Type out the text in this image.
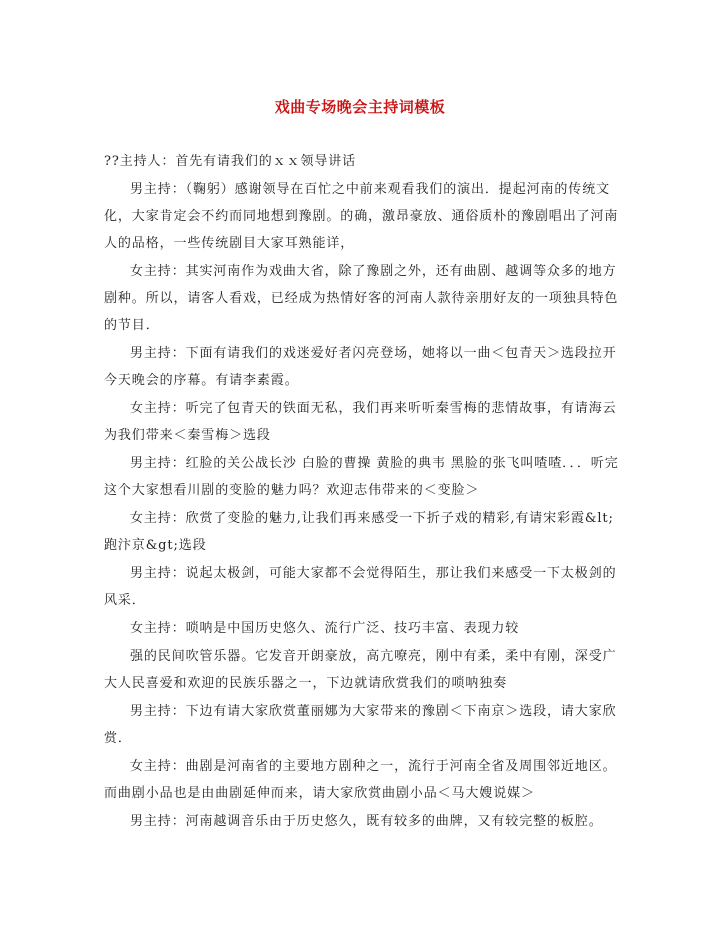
戏曲专场晚会主持词模板

??主持人：首先有请我们的ｘｘ领导讲话

男主持：（鞠躬）感谢领导在百忙之中前来观看我们的演出．提起河南的传统文化，大家肯定会不约而同地想到豫剧。的确，激昂豪放、通俗质朴的豫剧唱出了河南人的品格，一些传统剧目大家耳熟能详，

女主持：其实河南作为戏曲大省，除了豫剧之外，还有曲剧、越调等众多的地方剧种。所以，请客人看戏，已经成为热情好客的河南人款待亲朋好友的一项独具特色的节目．

男主持：下面有请我们的戏迷爱好者闪亮登场，她将以一曲＜包青天＞选段拉开今天晚会的序幕。有请李素霞。

女主持：听完了包青天的铁面无私，我们再来听听秦雪梅的悲情故事，有请海云为我们带来＜秦雪梅＞选段

男主持：红脸的关公战长沙 白脸的曹操 黄脸的典韦 黑脸的张飞叫喳喳．．．听完这个大家想看川剧的变脸的魅力吗？欢迎志伟带来的＜变脸＞

女主持：欣赏了变脸的魅力,让我们再来感受一下折子戏的精彩,有请宋彩霞&lt;跑汴京&gt;选段

男主持：说起太极剑，可能大家都不会觉得陌生，那让我们来感受一下太极剑的风采．

女主持：唢呐是中国历史悠久、流行广泛、技巧丰富、表现力较

强的民间吹管乐器。它发音开朗豪放，高亢嘹亮，刚中有柔，柔中有刚，深受广大人民喜爱和欢迎的民族乐器之一，下边就请欣赏我们的唢呐独奏

男主持：下边有请大家欣赏董丽娜为大家带来的豫剧＜下南京＞选段，请大家欣赏．

女主持：曲剧是河南省的主要地方剧种之一，流行于河南全省及周围邻近地区。而曲剧小品也是由曲剧延伸而来，请大家欣赏曲剧小品＜马大嫂说媒＞

男主持：河南越调音乐由于历史悠久，既有较多的曲牌，又有较完整的板腔。
